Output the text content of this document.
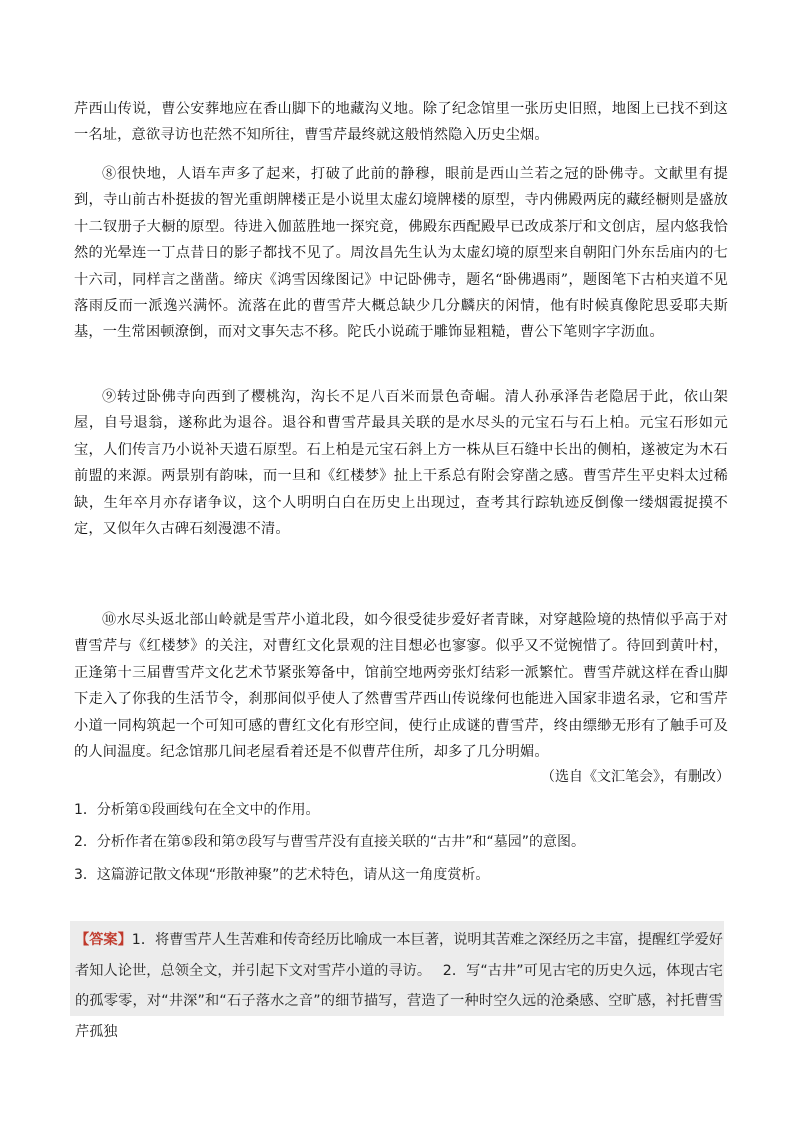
芹西山传说，曹公安葬地应在香山脚下的地藏沟义地。除了纪念馆里一张历史旧照，地图上已找不到这一名址，意欲寻访也茫然不知所往，曹雪芹最终就这般悄然隐入历史尘烟。

⑧很快地，人语车声多了起来，打破了此前的静穆，眼前是西山兰若之冠的卧佛寺。文献里有提到，寺山前古朴挺拔的智光重朗牌楼正是小说里太虚幻境牌楼的原型，寺内佛殿两庑的藏经橱则是盛放十二钗册子大橱的原型。待进入伽蓝胜地一探究竟，佛殿东西配殿早已改成茶厅和文创店，屋内悠我恰然的光晕连一丁点昔日的影子都找不见了。周汝昌先生认为太虚幻境的原型来自朝阳门外东岳庙内的七十六司，同样言之凿凿。缔庆《鸿雪因缘图记》中记卧佛寺，题名“卧佛遇雨”，题图笔下古柏夹道不见落雨反而一派逸兴满怀。流落在此的曹雪芹大概总缺少几分麟庆的闲情，他有时候真像陀思妥耶夫斯基，一生常困顿潦倒，而对文事矢志不移。陀氏小说疏于雕饰显粗糙，曹公下笔则字字沥血。

⑨转过卧佛寺向西到了樱桃沟，沟长不足八百米而景色奇崛。清人孙承泽告老隐居于此，依山架屋，自号退翁，遂称此为退谷。退谷和曹雪芹最具关联的是水尽头的元宝石与石上柏。元宝石形如元宝，人们传言乃小说补天遗石原型。石上柏是元宝石斜上方一株从巨石缝中长出的侧柏，遂被定为木石前盟的来源。两景别有韵味，而一旦和《红楼梦》扯上干系总有附会穿凿之感。曹雪芹生平史料太过稀缺，生年卒月亦存诸争议，这个人明明白白在历史上出现过，查考其行踪轨迹反倒像一缕烟霞捉摸不定，又似年久古碑石刻漫漶不清。

⑩水尽头返北部山岭就是雪芹小道北段，如今很受徒步爱好者青睐，对穿越险境的热情似乎高于对曹雪芹与《红楼梦》的关注，对曹红文化景观的注目想必也寥寥。似乎又不觉惋惜了。待回到黄叶村，正逢第十三届曹雪芹文化艺术节紧张筹备中，馆前空地两旁张灯结彩一派繁忙。曹雪芹就这样在香山脚下走入了你我的生活节令，刹那间似乎使人了然曹雪芹西山传说缘何也能进入国家非遗名录，它和雪芹小道一同构筑起一个可知可感的曹红文化有形空间，使行止成谜的曹雪芹，终由缥缈无形有了触手可及的人间温度。纪念馆那几间老屋看着还是不似曹芹住所，却多了几分明媚。

（选自《文汇笔会》，有删改）

1．分析第①段画线句在全文中的作用。

2．分析作者在第⑤段和第⑦段写与曹雪芹没有直接关联的“古井”和“墓园”的意图。

3．这篇游记散文体现“形散神聚”的艺术特色，请从这一角度赏析。

【答案】1．将曹雪芹人生苦难和传奇经历比喻成一本巨著，说明其苦难之深经历之丰富，提醒红学爱好者知人论世，总领全文，并引起下文对雪芹小道的寻访。　 2．写“古井”可见古宅的历史久远，体现古宅的孤零零，对“井深”和“石子落水之音”的细节描写，营造了一种时空久远的沧桑感、空旷感，衬托曹雪芹孤独
